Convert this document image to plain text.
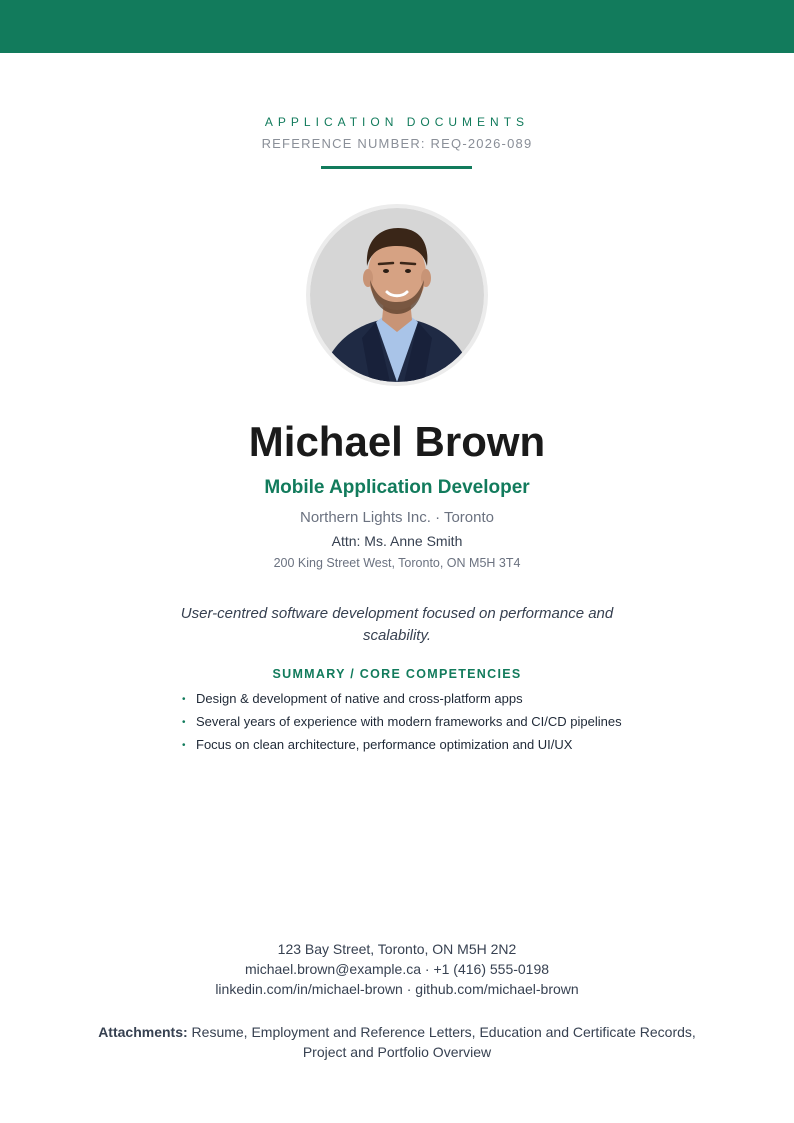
APPLICATION DOCUMENTS
REFERENCE NUMBER: REQ-2026-089
Michael Brown
Mobile Application Developer
Northern Lights Inc. · Toronto
Attn: Ms. Anne Smith
200 King Street West, Toronto, ON M5H 3T4
User-centred software development focused on performance and scalability.
SUMMARY / CORE COMPETENCIES
• Design & development of native and cross-platform apps
• Several years of experience with modern frameworks and CI/CD pipelines
• Focus on clean architecture, performance optimization and UI/UX
123 Bay Street, Toronto, ON M5H 2N2
michael.brown@example.ca · +1 (416) 555-0198
linkedin.com/in/michael-brown · github.com/michael-brown
Attachments: Resume, Employment and Reference Letters, Education and Certificate Records, Project and Portfolio Overview
